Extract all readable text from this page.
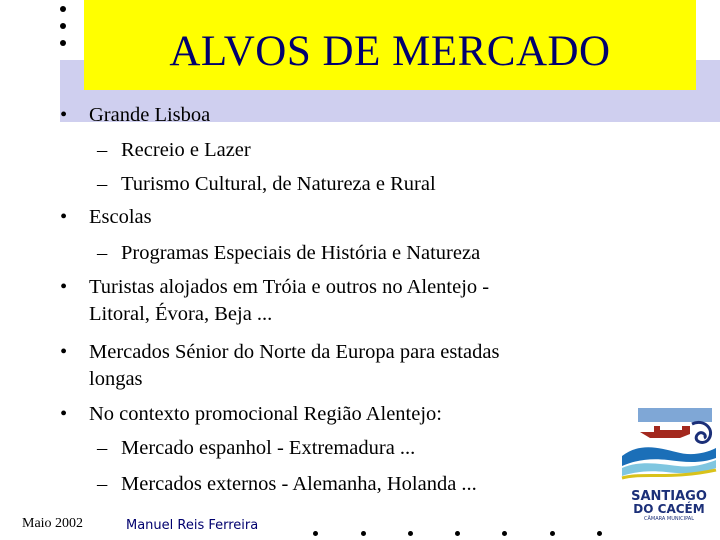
ALVOS DE MERCADO
• Grande Lisboa
– Recreio e Lazer
– Turismo Cultural, de Natureza e Rural
• Escolas
– Programas Especiais de História e Natureza
• Turistas alojados em Tróia e outros no Alentejo -
Litoral, Évora, Beja ...
• Mercados Sénior do Norte da Europa para estadas
longas
• No contexto promocional Região Alentejo:
– Mercado espanhol - Extremadura ...
– Mercados externos - Alemanha, Holanda ...
Maio 2002	Manuel Reis Ferreira
SANTIAGO
DO CACÉM
CÂMARA MUNICIPAL
